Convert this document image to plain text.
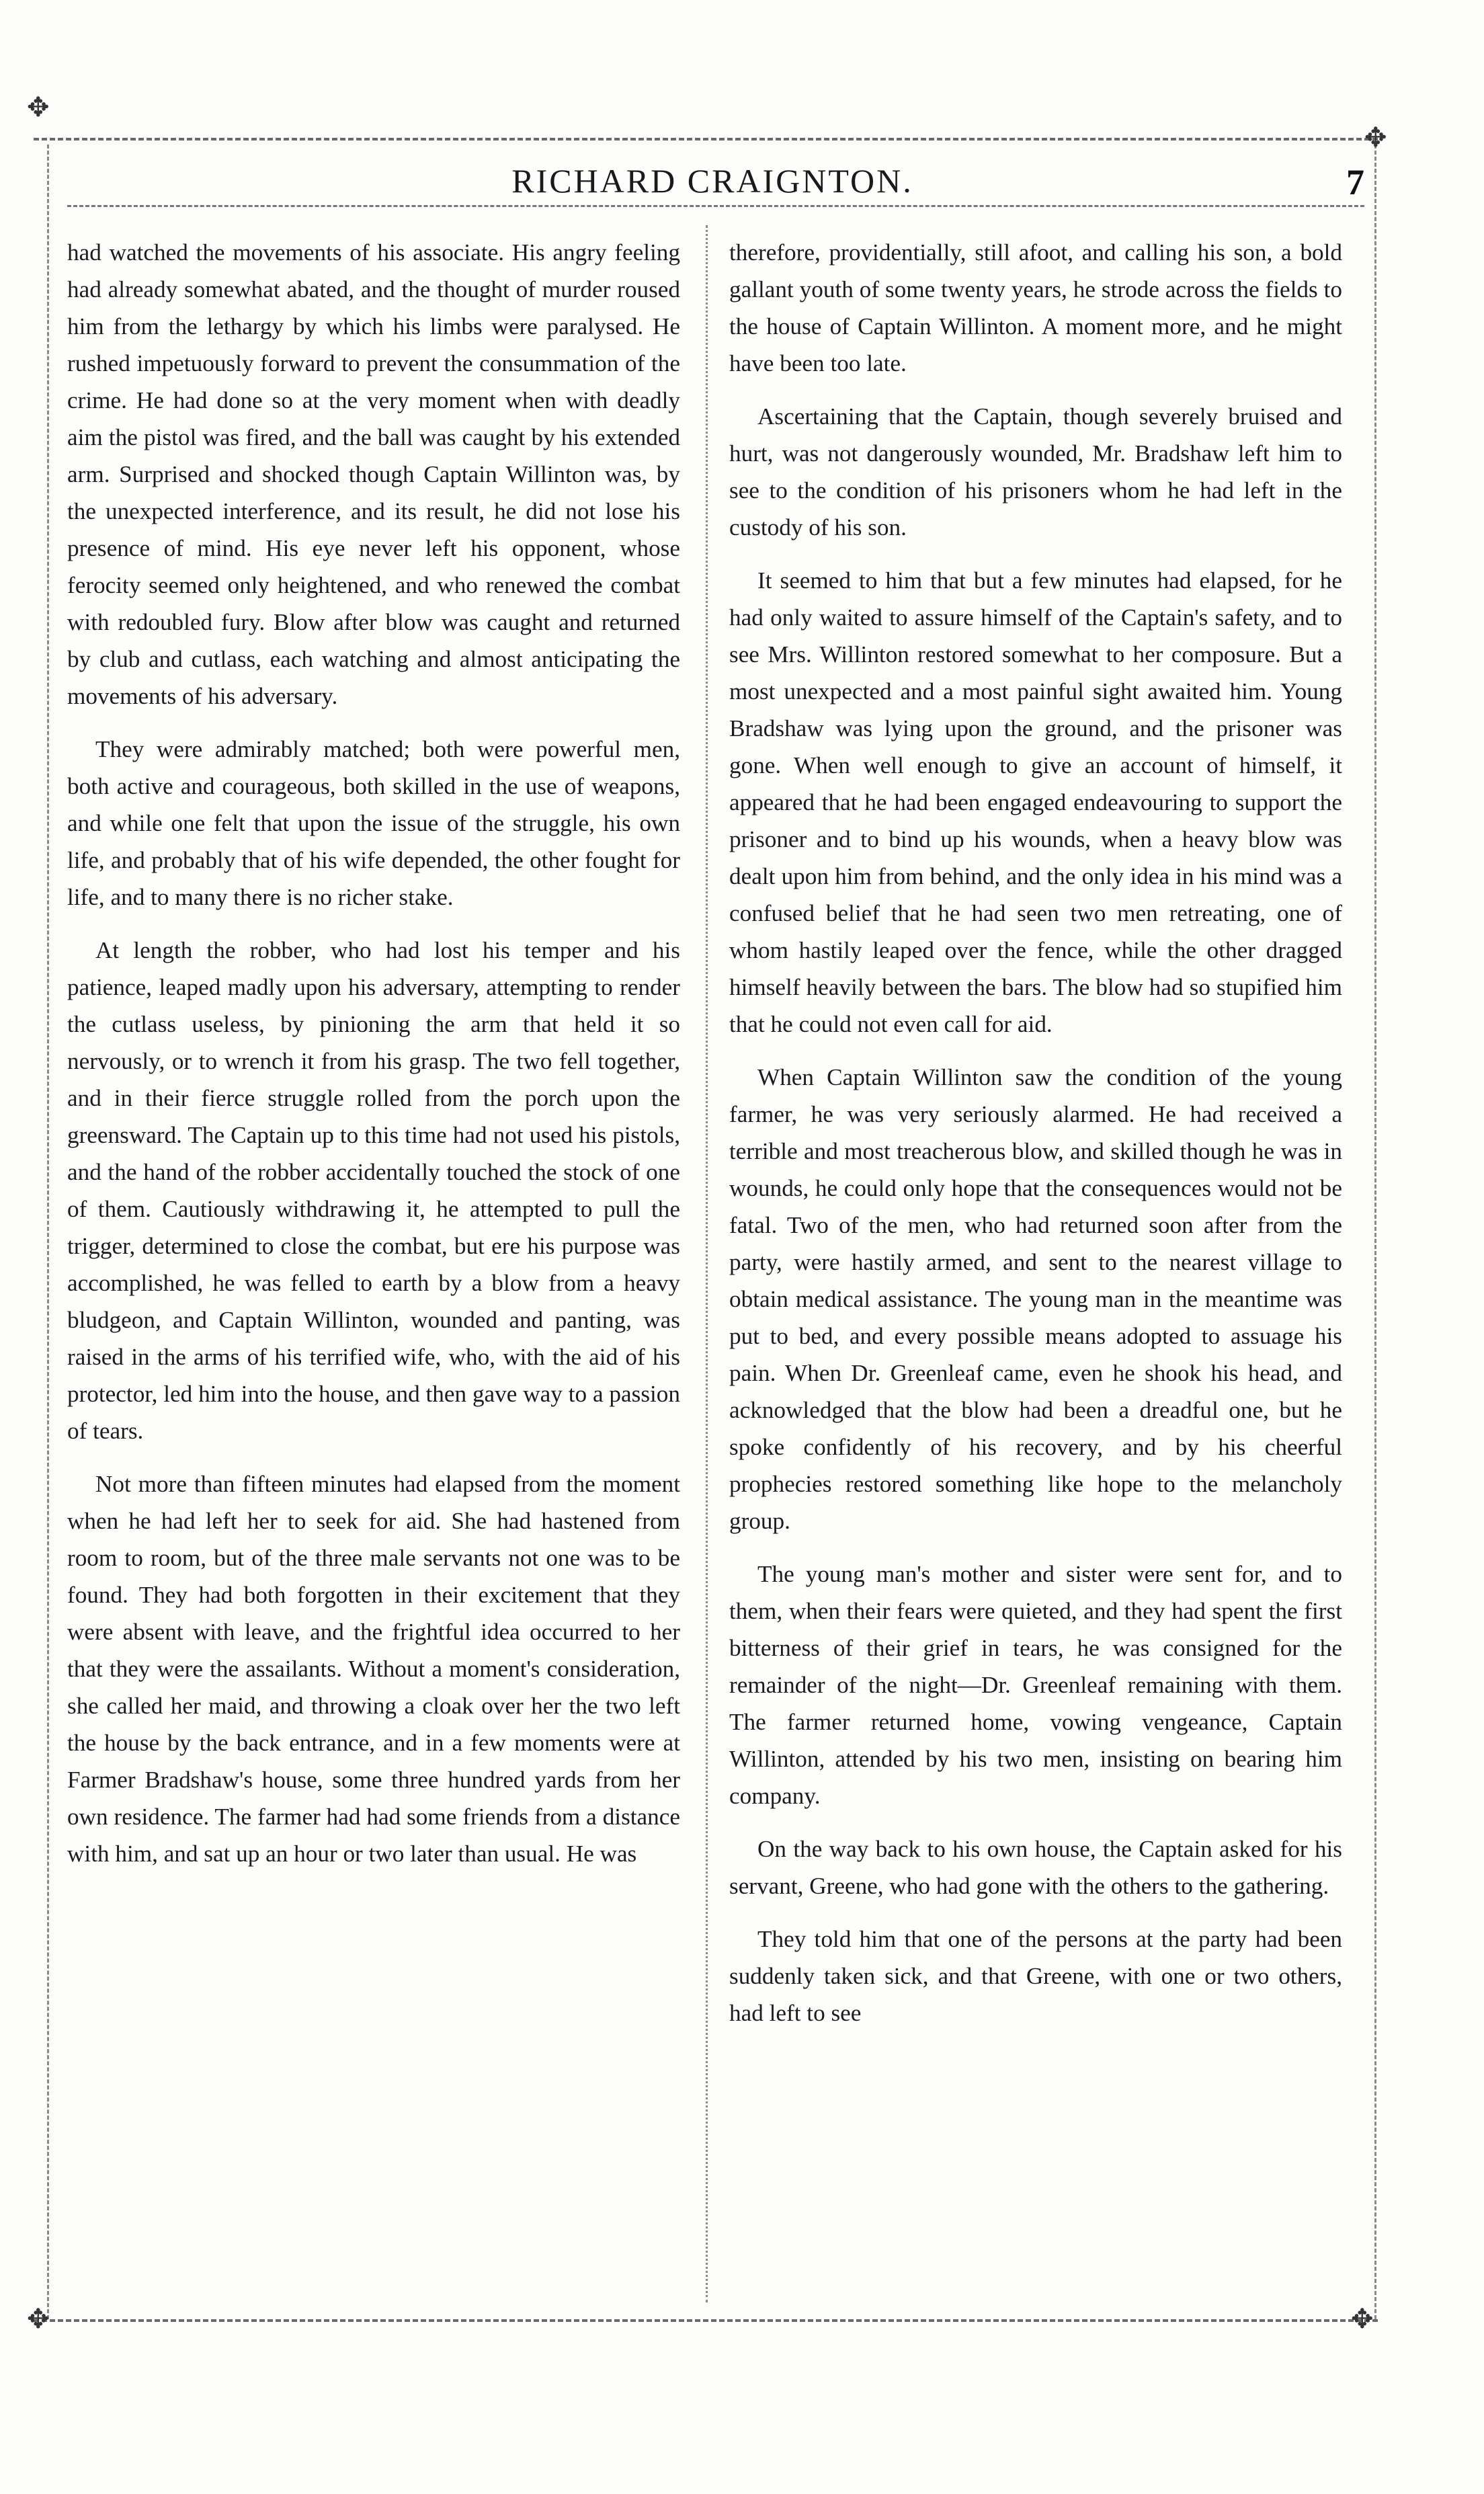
✥
✥
✥	✥
RICHARD CRAIGNTON.	7

had watched the movements of his associate. His angry feeling had already somewhat abated, and the thought of murder roused him from the lethargy by which his limbs were paralysed. He rushed impetuously forward to prevent the consummation of the crime. He had done so at the very moment when with deadly aim the pistol was fired, and the ball was caught by his extended arm. Surprised and shocked though Captain Willinton was, by the unexpected interference, and its result, he did not lose his presence of mind. His eye never left his opponent, whose ferocity seemed only heightened, and who renewed the combat with redoubled fury. Blow after blow was caught and returned by club and cutlass, each watching and almost anticipating the movements of his adversary.

They were admirably matched; both were powerful men, both active and courageous, both skilled in the use of weapons, and while one felt that upon the issue of the struggle, his own life, and probably that of his wife depended, the other fought for life, and to many there is no richer stake.

At length the robber, who had lost his temper and his patience, leaped madly upon his adversary, attempting to render the cutlass useless, by pinioning the arm that held it so nervously, or to wrench it from his grasp. The two fell together, and in their fierce struggle rolled from the porch upon the greensward. The Captain up to this time had not used his pistols, and the hand of the robber accidentally touched the stock of one of them. Cautiously withdrawing it, he attempted to pull the trigger, determined to close the combat, but ere his purpose was accomplished, he was felled to earth by a blow from a heavy bludgeon, and Captain Willinton, wounded and panting, was raised in the arms of his terrified wife, who, with the aid of his protector, led him into the house, and then gave way to a passion of tears.

Not more than fifteen minutes had elapsed from the moment when he had left her to seek for aid. She had hastened from room to room, but of the three male servants not one was to be found. They had both forgotten in their excitement that they were absent with leave, and the frightful idea occurred to her that they were the assailants. Without a moment's consideration, she called her maid, and throwing a cloak over her the two left the house by the back entrance, and in a few moments were at Farmer Bradshaw's house, some three hundred yards from her own residence. The farmer had had some friends from a distance with him, and sat up an hour or two later than usual. He was

therefore, providentially, still afoot, and calling his son, a bold gallant youth of some twenty years, he strode across the fields to the house of Captain Willinton. A moment more, and he might have been too late.

Ascertaining that the Captain, though severely bruised and hurt, was not dangerously wounded, Mr. Bradshaw left him to see to the condition of his prisoners whom he had left in the custody of his son.

It seemed to him that but a few minutes had elapsed, for he had only waited to assure himself of the Captain's safety, and to see Mrs. Willinton restored somewhat to her composure. But a most unexpected and a most painful sight awaited him. Young Bradshaw was lying upon the ground, and the prisoner was gone. When well enough to give an account of himself, it appeared that he had been engaged endeavouring to support the prisoner and to bind up his wounds, when a heavy blow was dealt upon him from behind, and the only idea in his mind was a confused belief that he had seen two men retreating, one of whom hastily leaped over the fence, while the other dragged himself heavily between the bars. The blow had so stupified him that he could not even call for aid.

When Captain Willinton saw the condition of the young farmer, he was very seriously alarmed. He had received a terrible and most treacherous blow, and skilled though he was in wounds, he could only hope that the consequences would not be fatal. Two of the men, who had returned soon after from the party, were hastily armed, and sent to the nearest village to obtain medical assistance. The young man in the meantime was put to bed, and every possible means adopted to assuage his pain. When Dr. Greenleaf came, even he shook his head, and acknowledged that the blow had been a dreadful one, but he spoke confidently of his recovery, and by his cheerful prophecies restored something like hope to the melancholy group.

The young man's mother and sister were sent for, and to them, when their fears were quieted, and they had spent the first bitterness of their grief in tears, he was consigned for the remainder of the night—Dr. Greenleaf remaining with them. The farmer returned home, vowing vengeance, Captain Willinton, attended by his two men, insisting on bearing him company.

On the way back to his own house, the Captain asked for his servant, Greene, who had gone with the others to the gathering.

They told him that one of the persons at the party had been suddenly taken sick, and that Greene, with one or two others, had left to see
